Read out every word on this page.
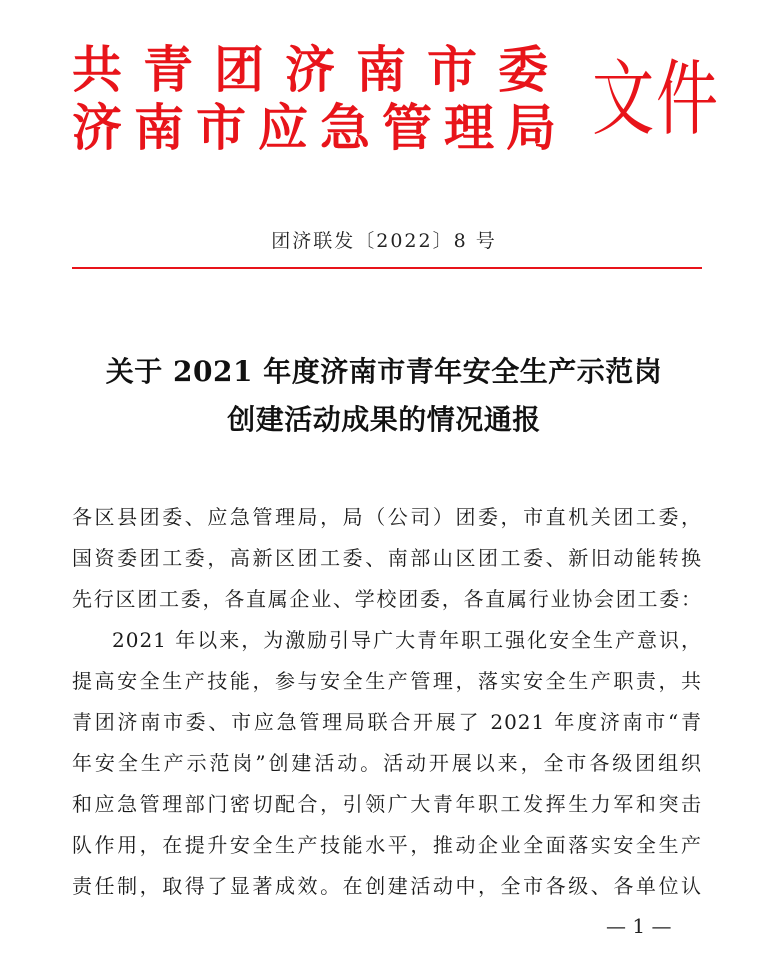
共青团济南市委
济南市应急管理局 文件
团济联发〔2022〕8 号
关于 2021 年度济南市青年安全生产示范岗
创建活动成果的情况通报
各区县团委、应急管理局，局（公司）团委，市直机关团工委，
国资委团工委，高新区团工委、南部山区团工委、新旧动能转换
先行区团工委，各直属企业、学校团委，各直属行业协会团工委：
2021 年以来，为激励引导广大青年职工强化安全生产意识，
提高安全生产技能，参与安全生产管理，落实安全生产职责，共
青团济南市委、市应急管理局联合开展了 2021 年度济南市“青
年安全生产示范岗”创建活动。活动开展以来，全市各级团组织
和应急管理部门密切配合，引领广大青年职工发挥生力军和突击
队作用，在提升安全生产技能水平，推动企业全面落实安全生产
责任制，取得了显著成效。在创建活动中，全市各级、各单位认
— 1 —
